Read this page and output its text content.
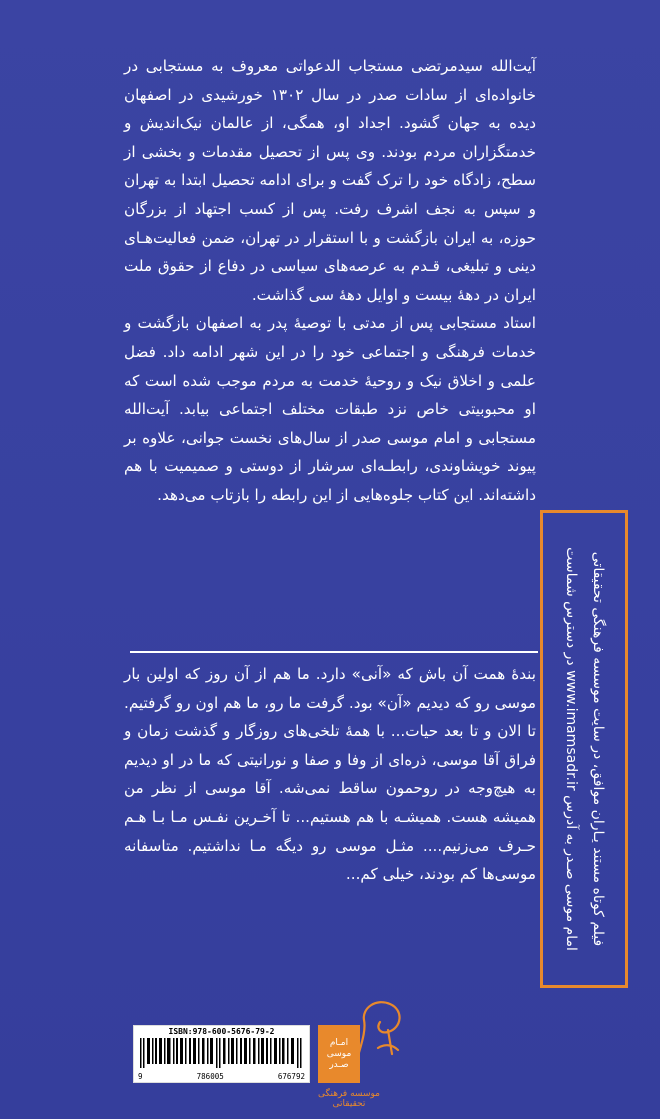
آیت‌الله سیدمرتضی مستجاب الدعواتی معروف به مستجابی در خانواده‌ای از سادات صدر در سال ۱۳۰۲ خورشیدی در اصفهان دیده به جهان گشود. اجداد او، همگی، از عالمان نیک‌اندیش و خدمتگزاران مردم بودند. وی پس از تحصیل مقدمات و بخشی از سطح، زادگاه خود را ترک گفت و برای ادامه تحصیل ابتدا به تهران و سپس به نجف اشرف رفت. پس از کسب اجتهاد از بزرگان حوزه، به ایران بازگشت و با استقرار در تهران، ضمن فعالیت‌هـای دینی و تبلیغی، قـدم به عرصه‌های سیاسی در دفاع از حقوق ملت ایران در دهۀ بیست و اوایل دهۀ سی گذاشت.

استاد مستجابی پس از مدتی با توصیۀ پدر به اصفهان بازگشت و خدمات فرهنگی و اجتماعی خود را در این شهر ادامه داد. فضل علمی و اخلاق نیک و روحیۀ خدمت به مردم موجب شده است که او محبوبیتی خاص نزد طبقات مختلف اجتماعی بیابد. آیت‌الله مستجابی و امام موسی صدر از سال‌های نخست جوانی، علاوه بر پیوند خویشاوندی، رابطـه‌ای سرشار از دوستی و صمیمیت با هم داشته‌اند. این کتاب جلوه‌هایی از این رابطه را بازتاب می‌دهد.

بندۀ همت آن باش که «آنی» دارد. ما هم از آن روز که اولین بار موسی رو که دیدیم «آن» بود. گرفت ما رو، ما هم اون رو گرفتیم. تا الان و تا بعد حیات... با همۀ تلخی‌های روزگار و گذشت زمان و فراق آقا موسی، ذره‌ای از وفا و صفا و نورانیتی که ما در او دیدیم به هیچ‌وجه در روحمون ساقط نمی‌شه. آقا موسی از نظر من همیشه هست. همیشـه با هم هستیم... تا آخـرین نفـس مـا بـا هـم حـرف می‌زنیم.... مثـل موسی رو دیگه مـا نداشتیم. متاسفانه موسی‌ها کم بودند، خیلی کم...	فیلم کوتاه مستند یـاران موافق، در سایت موسسه فرهنگی تحقیقاتی
امام موسی صـدر به آدرس www.imamsadr.ir در دسترس شماست
ISBN:978-600-5676-79-2
9	786005	676792
امـام
موسی
صـدر
موسسه فرهنگی تحقیقاتی
